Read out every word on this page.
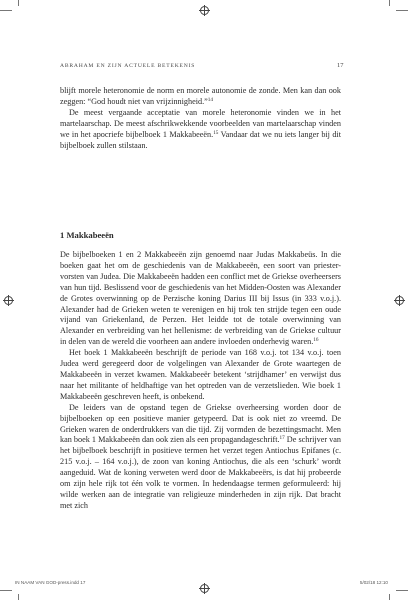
ABRAHAM EN ZIJN ACTUELE BETEKENIS	17

blijft morele heteronomie de norm en morele autonomie de zonde. Men kan dan ook zeggen: “God houdt niet van vrijzinnigheid.”$^{14}$

De meest vergaande acceptatie van morele heteronomie vinden we in het martelaarschap. De meest afschrikwekkende voorbeelden van martelaarschap vinden we in het apocriefe bijbelboek 1 Makkabeeën.$^{15}$ Vandaar dat we nu iets langer bij dit bijbelboek zullen stilstaan.

1 Makkabeeën

De bijbelboeken 1 en 2 Makkabeeën zijn genoemd naar Judas Makkabeüs. In die boeken gaat het om de geschiedenis van de Makkabeeën, een soort van priester-vorsten van Judea. Die Makkabeeën hadden een conflict met de Griekse overheersers van hun tijd. Beslissend voor de geschiedenis van het Midden-Oosten was Alexander de Grotes overwinning op de Perzische koning Darius III bij Issus (in 333 v.o.j.). Alexander had de Grieken weten te verenigen en hij trok ten strijde tegen een oude vijand van Griekenland, de Perzen. Het leidde tot de totale overwinning van Alexander en verbreiding van het hellenisme: de verbreiding van de Griekse cultuur in delen van de wereld die voorheen aan andere invloeden onderhevig waren.$^{16}$

Het boek 1 Makkabeeën beschrijft de periode van 168 v.o.j. tot 134 v.o.j. toen Judea werd geregeerd door de volgelingen van Alexander de Grote waartegen de Makkabeeën in verzet kwamen. Makkabeeër betekent ‘strijdhamer’ en verwijst dus naar het militante of heldhaftige van het optreden van de verzetslieden. Wie boek 1 Makkabeeën geschreven heeft, is onbekend.

De leiders van de opstand tegen de Griekse overheersing worden door de bijbelboeken op een positieve manier getypeerd. Dat is ook niet zo vreemd. De Grieken waren de onderdrukkers van die tijd. Zij vormden de bezettingsmacht. Men kan boek 1 Makkabeeën dan ook zien als een propagandageschrift.$^{17}$ De schrijver van het bijbelboek beschrijft in positieve termen het verzet tegen Antiochus Epifanes (c. 215 v.o.j. – 164 v.o.j.), de zoon van koning Antiochus, die als een ‘schurk’ wordt aangeduid. Wat de koning verweten werd door de Makkabeeërs, is dat hij probeerde om zijn hele rijk tot één volk te vormen. In hedendaagse termen geformuleerd: hij wilde werken aan de integratie van religieuze minderheden in zijn rijk. Dat bracht met zich

IN NAAM VAN GOD-press.indd 17	5/02/18 12:10
